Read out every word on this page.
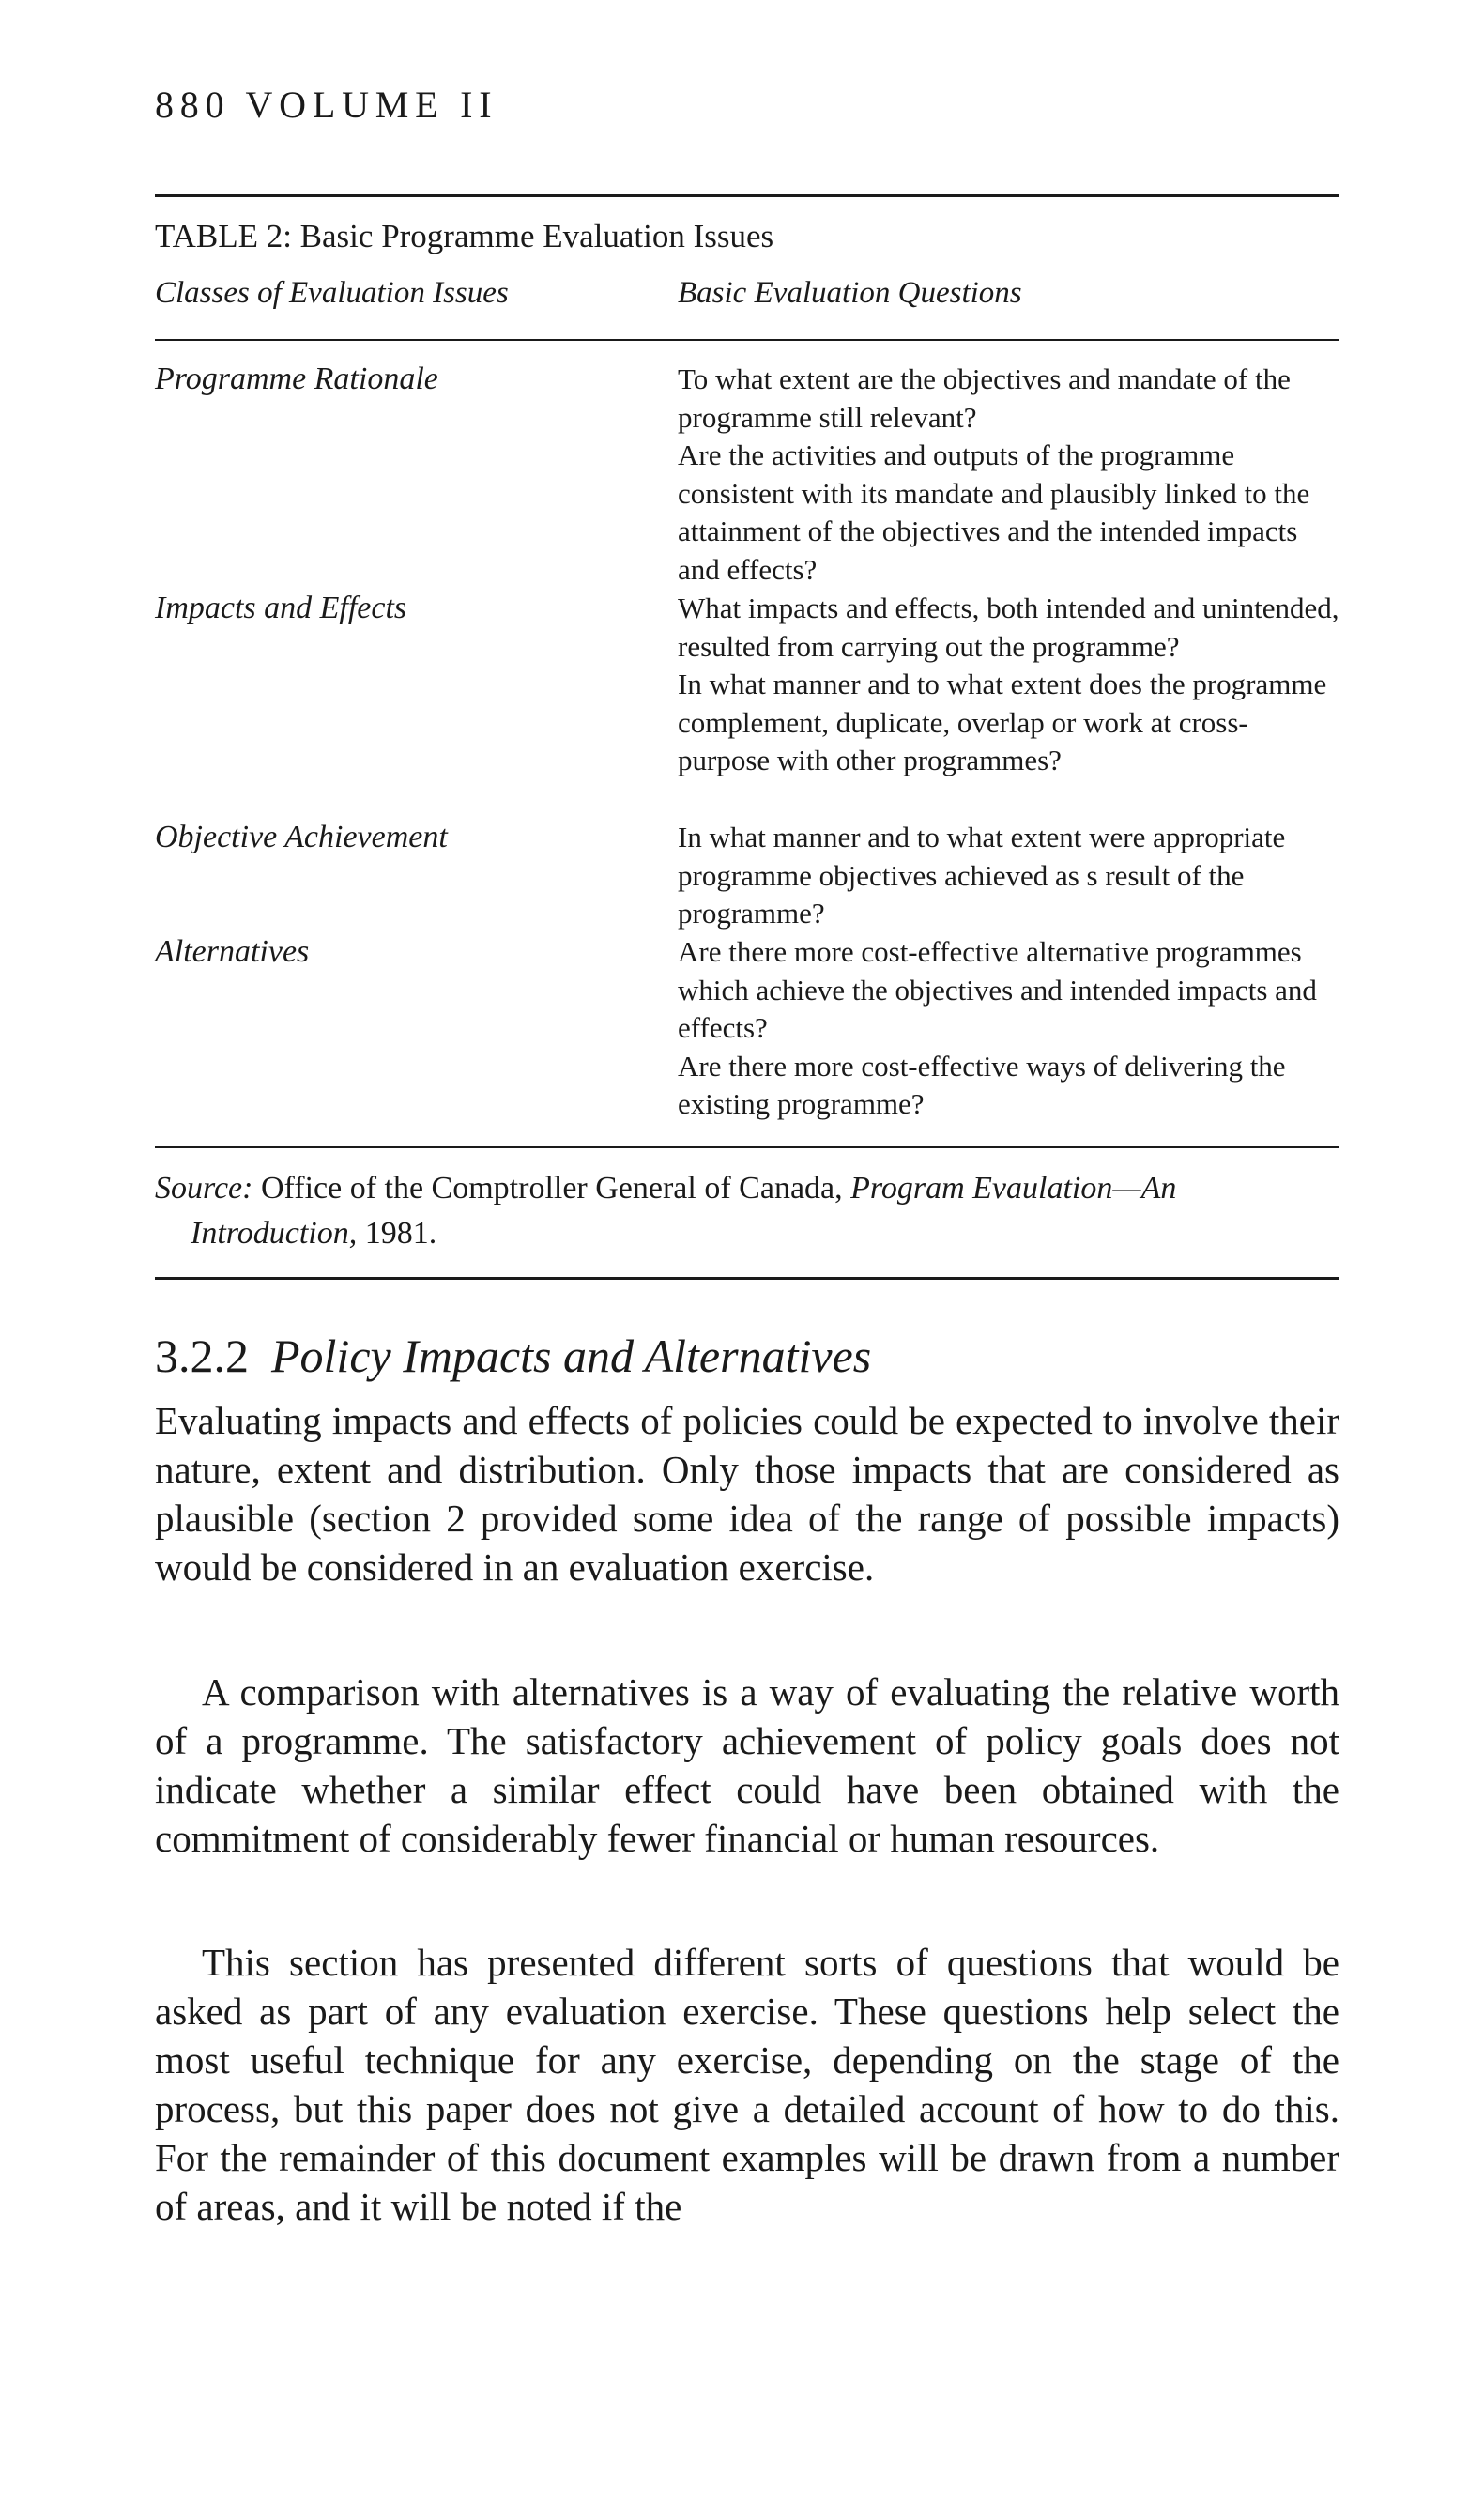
880 VOLUME II
TABLE 2: Basic Programme Evaluation Issues
Classes of Evaluation Issues	Basic Evaluation Questions
Programme Rationale	To what extent are the objectives and mandate of the programme still relevant?
Are the activities and outputs of the programme consistent with its mandate and plausibly linked to the attainment of the objectives and the intended impacts and effects?
Impacts and Effects	What impacts and effects, both intended and unintended, resulted from carrying out the programme?
In what manner and to what extent does the programme complement, duplicate, overlap or work at cross-purpose with other programmes?
Objective Achievement	In what manner and to what extent were appropriate programme objectives achieved as s result of the programme?
Alternatives	Are there more cost-effective alternative programmes which achieve the objectives and intended impacts and effects?
Are there more cost-effective ways of delivering the existing programme?
Source: Office of the Comptroller General of Canada, Program Evaulation—An Introduction, 1981.
3.2.2 Policy Impacts and Alternatives

Evaluating impacts and effects of policies could be expected to involve their nature, extent and distribution. Only those impacts that are considered as plausible (section 2 provided some idea of the range of possible impacts) would be considered in an evaluation exercise.

A comparison with alternatives is a way of evaluating the relative worth of a programme. The satisfactory achievement of policy goals does not indicate whether a similar effect could have been obtained with the commitment of considerably fewer financial or human resources.

This section has presented different sorts of questions that would be asked as part of any evaluation exercise. These questions help select the most useful technique for any exercise, depending on the stage of the process, but this paper does not give a detailed account of how to do this. For the remainder of this document examples will be drawn from a number of areas, and it will be noted if the
